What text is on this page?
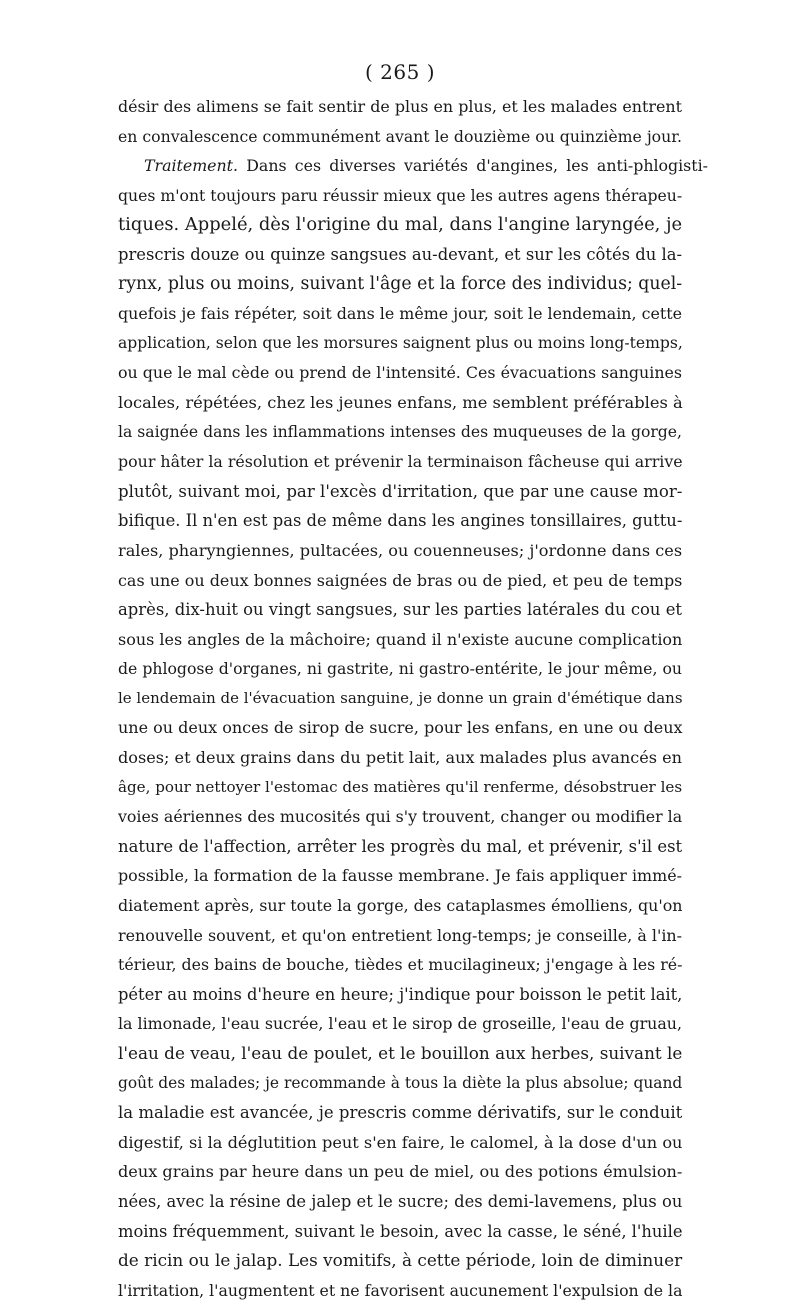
( 265 )
désir des alimens se fait sentir de plus en plus, et les malades entrent
en convalescence communément avant le douzième ou quinzième jour.
Traitement. Dans ces diverses variétés d'angines, les anti-phlogisti-
ques m'ont toujours paru réussir mieux que les autres agens thérapeu-
tiques. Appelé, dès l'origine du mal, dans l'angine laryngée, je
prescris douze ou quinze sangsues au-devant, et sur les côtés du la-
rynx, plus ou moins, suivant l'âge et la force des individus; quel-
quefois je fais répéter, soit dans le même jour, soit le lendemain, cette
application, selon que les morsures saignent plus ou moins long-temps,
ou que le mal cède ou prend de l'intensité. Ces évacuations sanguines
locales, répétées, chez les jeunes enfans, me semblent préférables à
la saignée dans les inflammations intenses des muqueuses de la gorge,
pour hâter la résolution et prévenir la terminaison fâcheuse qui arrive
plutôt, suivant moi, par l'excès d'irritation, que par une cause mor-
bifique. Il n'en est pas de même dans les angines tonsillaires, guttu-
rales, pharyngiennes, pultacées, ou couenneuses; j'ordonne dans ces
cas une ou deux bonnes saignées de bras ou de pied, et peu de temps
après, dix-huit ou vingt sangsues, sur les parties latérales du cou et
sous les angles de la mâchoire; quand il n'existe aucune complication
de phlogose d'organes, ni gastrite, ni gastro-entérite, le jour même, ou
le lendemain de l'évacuation sanguine, je donne un grain d'émétique dans
une ou deux onces de sirop de sucre, pour les enfans, en une ou deux
doses; et deux grains dans du petit lait, aux malades plus avancés en
âge, pour nettoyer l'estomac des matières qu'il renferme, désobstruer les
voies aériennes des mucosités qui s'y trouvent, changer ou modifier la
nature de l'affection, arrêter les progrès du mal, et prévenir, s'il est
possible, la formation de la fausse membrane. Je fais appliquer immé-
diatement après, sur toute la gorge, des cataplasmes émolliens, qu'on
renouvelle souvent, et qu'on entretient long-temps; je conseille, à l'in-
térieur, des bains de bouche, tièdes et mucilagineux; j'engage à les ré-
péter au moins d'heure en heure; j'indique pour boisson le petit lait,
la limonade, l'eau sucrée, l'eau et le sirop de groseille, l'eau de gruau,
l'eau de veau, l'eau de poulet, et le bouillon aux herbes, suivant le
goût des malades; je recommande à tous la diète la plus absolue; quand
la maladie est avancée, je prescris comme dérivatifs, sur le conduit
digestif, si la déglutition peut s'en faire, le calomel, à la dose d'un ou
deux grains par heure dans un peu de miel, ou des potions émulsion-
nées, avec la résine de jalep et le sucre; des demi-lavemens, plus ou
moins fréquemment, suivant le besoin, avec la casse, le séné, l'huile
de ricin ou le jalap. Les vomitifs, à cette période, loin de diminuer
l'irritation, l'augmentent et ne favorisent aucunement l'expulsion de la
